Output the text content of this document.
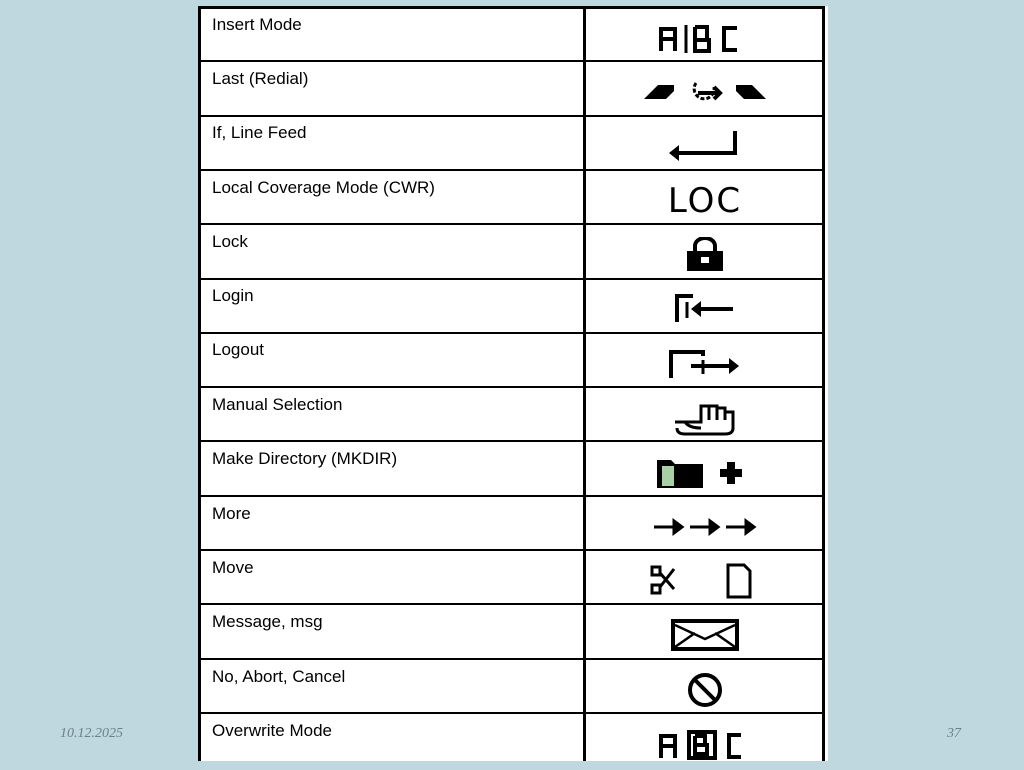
Insert Mode
Last (Redial)
If, Line Feed
Local Coverage Mode (CWR)	LOC
Lock
Login
Logout
Manual Selection
Make Directory (MKDIR)
More
Move
Message, msg
No, Abort, Cancel
Overwrite Mode
10.12.2025	37
